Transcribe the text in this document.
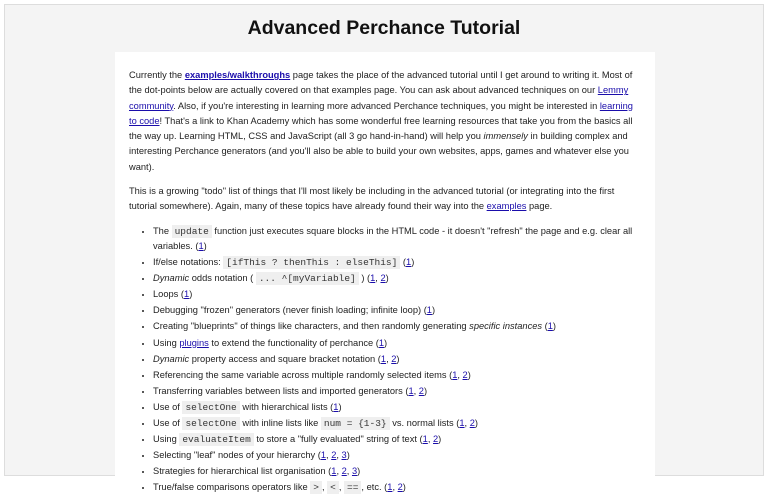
Advanced Perchance Tutorial

Currently the examples/walkthroughs page takes the place of the advanced tutorial until I get around to writing it. Most of the dot-points below are actually covered on that examples page. You can ask about advanced techniques on our Lemmy community. Also, if you're interesting in learning more advanced Perchance techniques, you might be interested in learning to code! That's a link to Khan Academy which has some wonderful free learning resources that take you from the basics all the way up. Learning HTML, CSS and JavaScript (all 3 go hand-in-hand) will help you immensely in building complex and interesting Perchance generators (and you'll also be able to build your own websites, apps, games and whatever else you want).

This is a growing "todo" list of things that I'll most likely be including in the advanced tutorial (or integrating into the first tutorial somewhere). Again, many of these topics have already found their way into the examples page.

• The update function just executes square blocks in the HTML code - it doesn't "refresh" the page and e.g. clear all variables. (1)
• If/else notations: [ifThis ? thenThis : elseThis] (1)
• Dynamic odds notation ( ... ^[myVariable] ) (1, 2)
• Loops (1)
• Debugging "frozen" generators (never finish loading; infinite loop) (1)
• Creating "blueprints" of things like characters, and then randomly generating specific instances (1)
• Using plugins to extend the functionality of perchance (1)
• Dynamic property access and square bracket notation (1, 2)
• Referencing the same variable across multiple randomly selected items (1, 2)
• Transferring variables between lists and imported generators (1, 2)
• Use of selectOne with hierarchical lists (1)
• Use of selectOne with inline lists like num = {1-3} vs. normal lists (1, 2)
• Using evaluateItem to store a "fully evaluated" string of text (1, 2)
• Selecting "leaf" nodes of your hierarchy (1, 2, 3)
• Strategies for hierarchical list organisation (1, 2, 3)
• True/false comparisons operators like > , < , == , etc. (1, 2)
